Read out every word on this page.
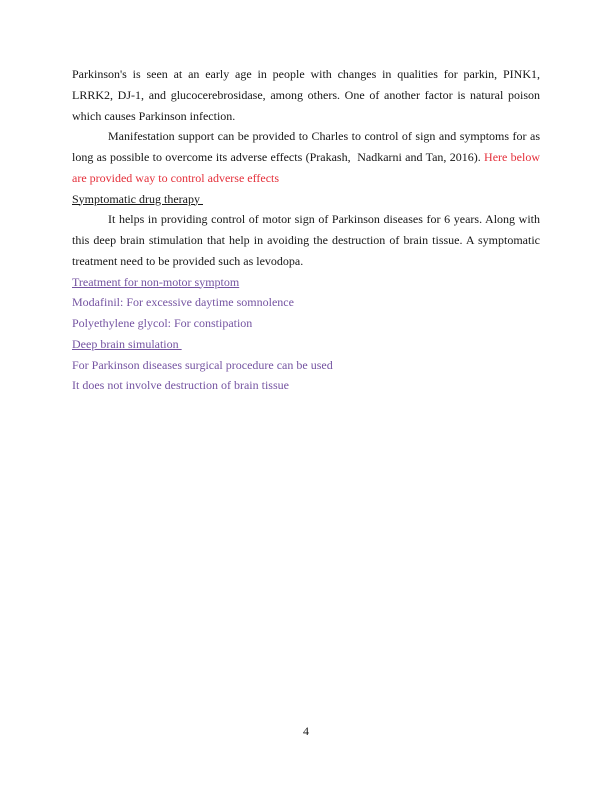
Parkinson's is seen at an early age in people with changes in qualities for parkin, PINK1, LRRK2, DJ-1, and glucocerebrosidase, among others. One of another factor is natural poison which causes Parkinson infection.

Manifestation support can be provided to Charles to control of sign and symptoms for as long as possible to overcome its adverse effects (Prakash,  Nadkarni and Tan, 2016). Here below are provided way to control adverse effects

Symptomatic drug therapy

It helps in providing control of motor sign of Parkinson diseases for 6 years. Along with this deep brain stimulation that help in avoiding the destruction of brain tissue. A symptomatic treatment need to be provided such as levodopa.

Treatment for non-motor symptom

Modafinil: For excessive daytime somnolence

Polyethylene glycol: For constipation

Deep brain simulation

For Parkinson diseases surgical procedure can be used

It does not involve destruction of brain tissue

4
